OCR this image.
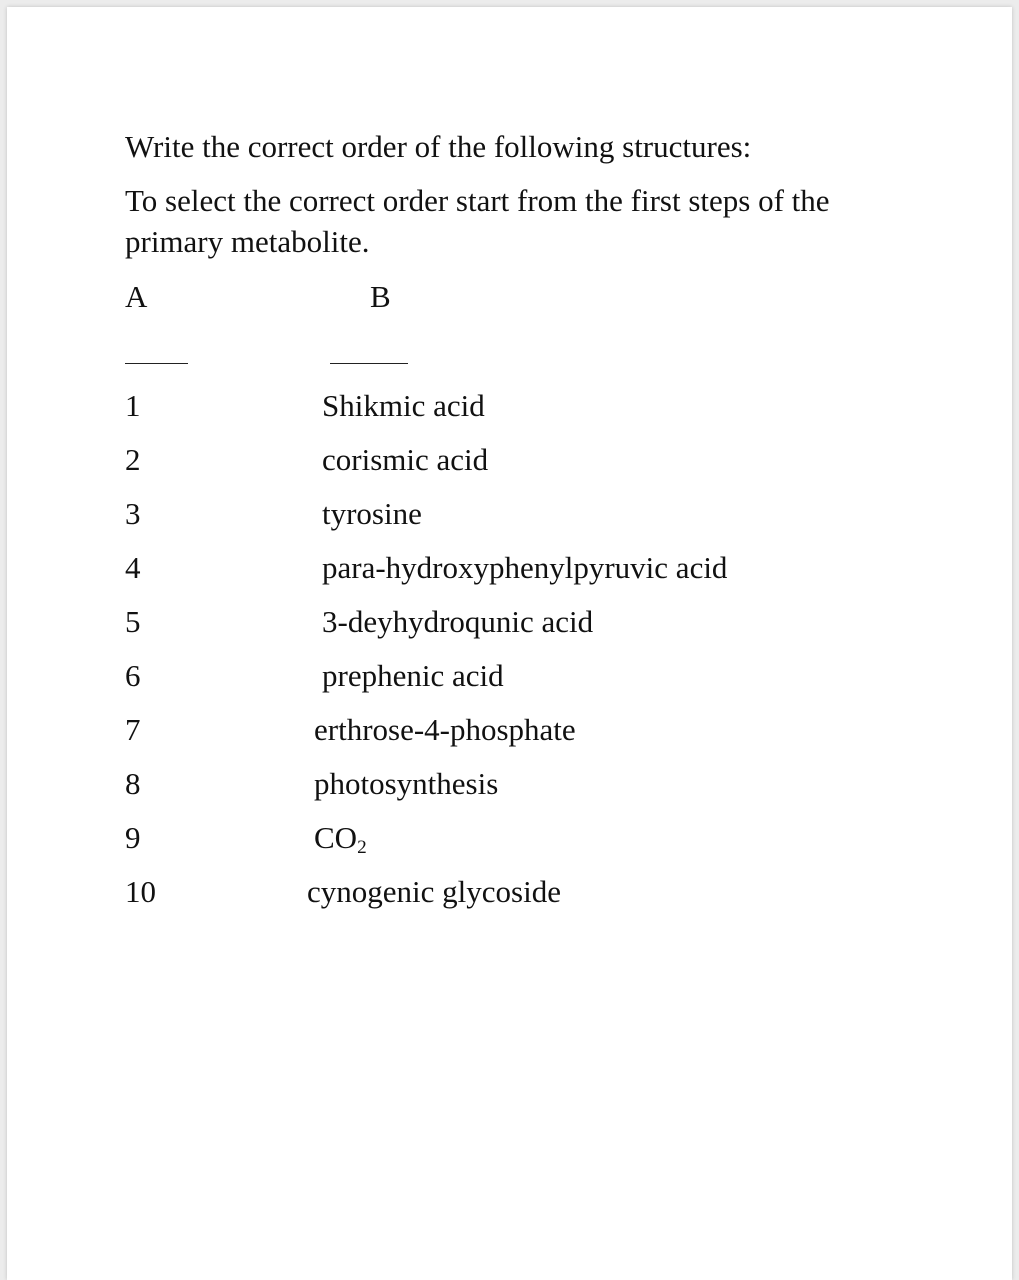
Write the correct order of the following structures:
To select the correct order start from the first steps of the
primary metabolite.
A	B
1
2
3
4
5
6
7
8
9
10
Shikmic acid
corismic acid
tyrosine
para-hydroxyphenylpyruvic acid
3-deyhydroqunic acid
prephenic acid
erthrose-4-phosphate
photosynthesis
$CO_2$
cynogenic glycoside
